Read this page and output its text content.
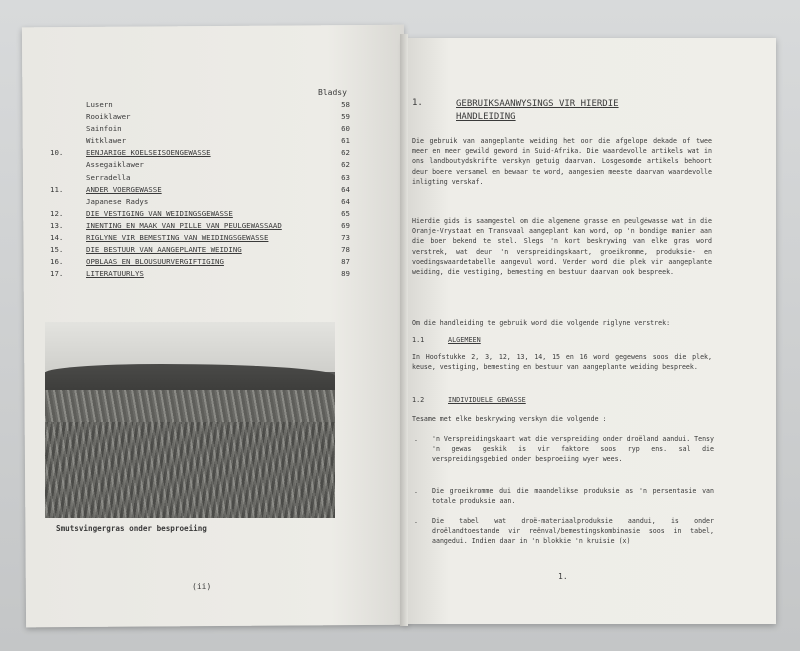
Bladsy
Lusern	58
Rooiklawer	59
Sainfoin	60
Witklawer	61
10.	EENJARIGE KOELSEISOENGEWASSE	62
Assegaiklawer	62
Serradella	63
11.	ANDER VOERGEWASSE	64
Japanese Radys	64
12.	DIE VESTIGING VAN WEIDINGSGEWASSE	65
13.	INENTING EN MAAK VAN PILLE VAN PEULGEWASSAAD	69
14.	RIGLYNE VIR BEMESTING VAN WEIDINGSGEWASSE	73
15.	DIE BESTUUR VAN AANGEPLANTE WEIDING	78
16.	OPBLAAS EN BLOUSUURVERGIFTIGING	87
17.	LITERATUURLYS	89
Smutsvingergras onder besproeiing
(ii)
1.	GEBRUIKSAANWYSINGS VIR HIERDIE HANDLEIDING
Die gebruik van aangeplante weiding het oor die afgelope dekade of twee meer en meer gewild geword in Suid-Afrika. Die waardevolle artikels wat in ons landboutydskrifte verskyn getuig daarvan. Losgesomde artikels behoort deur boere versamel en bewaar te word, aangesien meeste daarvan waardevolle inligting verskaf.
Hierdie gids is saamgestel om die algemene grasse en peulgewasse wat in die Oranje-Vrystaat en Transvaal aangeplant kan word, op 'n bondige manier aan die boer bekend te stel. Slegs 'n kort beskrywing van elke gras word verstrek, wat deur 'n verspreidingskaart, groeikromme, produksie- en voedingswaardetabelle aangevul word. Verder word die plek vir aangeplante weiding, die vestiging, bemesting en bestuur daarvan ook bespreek.
Om die handleiding te gebruik word die volgende riglyne verstrek:
1.1	ALGEMEEN
In Hoofstukke 2, 3, 12, 13, 14, 15 en 16 word gegewens soos die plek, keuse, vestiging, bemesting en bestuur van aangeplante weiding bespreek.
1.2	INDIVIDUELE GEWASSE
Tesame met elke beskrywing verskyn die volgende :
. 'n Verspreidingskaart wat die verspreiding onder droëland aandui. Tensy 'n gewas geskik is vir faktore soos ryp ens. sal die verspreidingsgebied onder besproeiing wyer wees.
. Die groeikromme dui die maandelikse produksie as 'n persentasie van totale produksie aan.
. Die tabel wat droë-materiaalproduksie aandui, is onder droëlandtoestande vir reënval/bemestingskombinasie soos in tabel, aangedui. Indien daar in 'n blokkie 'n kruisie (x)
1.
